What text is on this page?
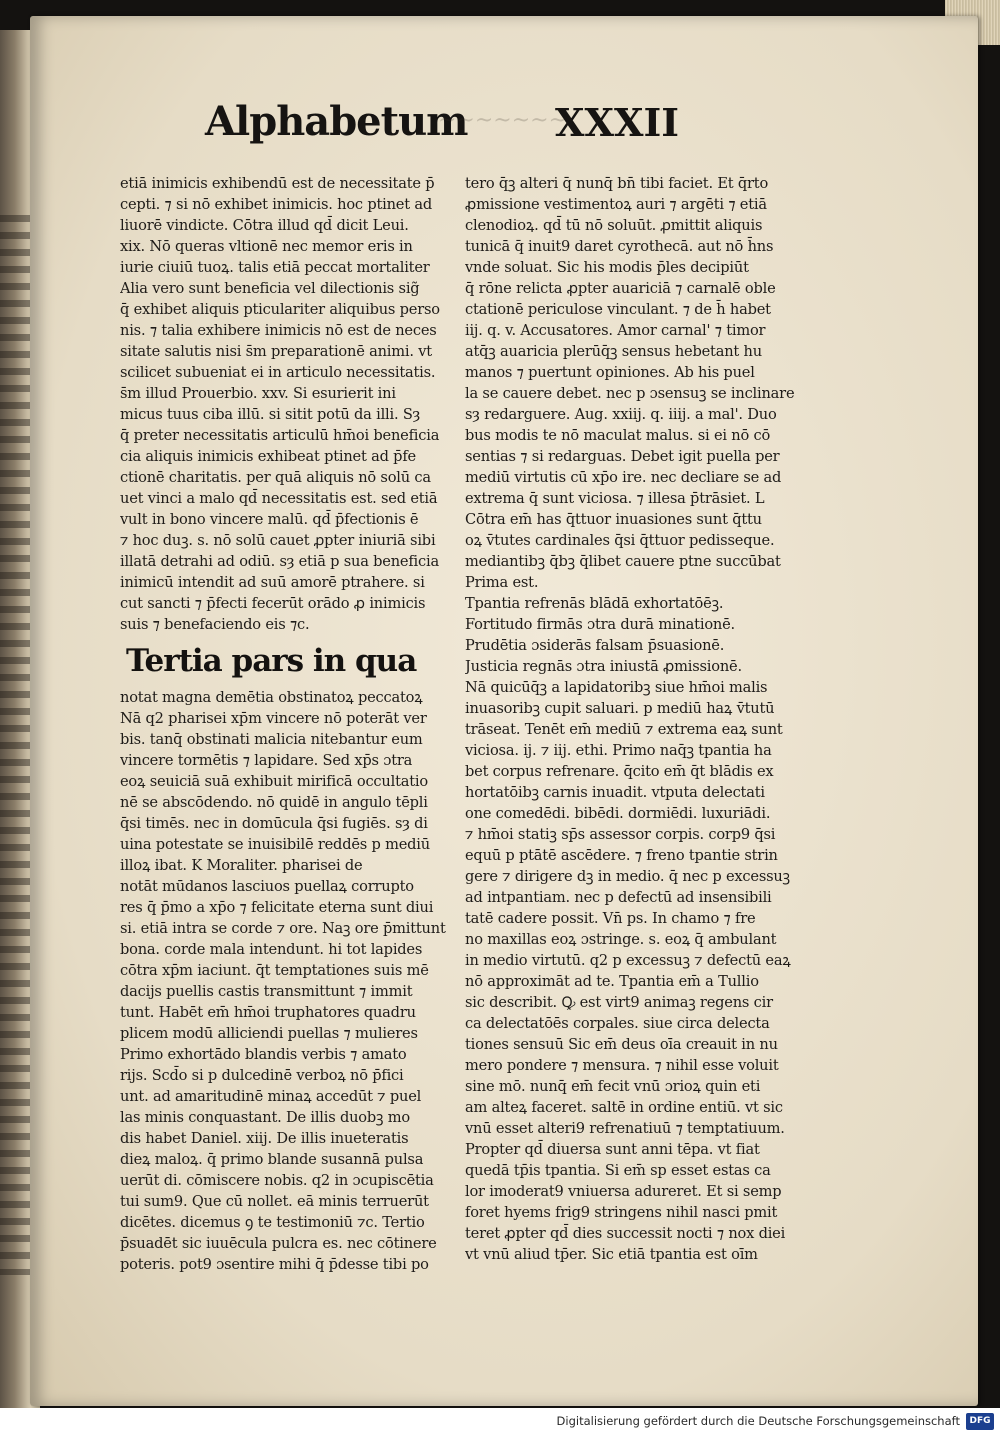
Alphabetum
~~~~~~~
XXXII
etiā inimicis exhibendū est de necessitate p̄
cepti. ⁊ si nō exhibet inimicis. hoc ptinet ad
liuorē vindicte. Cōtra illud qd̄ dicit Leui.
xix. Nō queras vltionē nec memor eris in
iurie ciuiū tuoꝝ. talis etiā peccat mortaliter
Alia vero sunt beneficia vel dilectionis sig̃
q̄ exhibet aliquis pticulariter aliquibus perso
nis. ⁊ talia exhibere inimicis nō est de neces
sitate salutis nisi s̄m preparationē animi. vt
scilicet subueniat ei in articulo necessitatis.
s̄m illud Prouerbio. xxv. Si esurierit ini
micus tuus ciba illū. si sitit potū da illi. Sȝ
q̄ preter necessitatis articulū hm̄oi beneficia
cia aliquis inimicis exhibeat ptinet ad p̄fe
ctionē charitatis. per quā aliquis nō solū ca
uet vinci a malo qd̄ necessitatis est. sed etiā
vult in bono vincere malū. qd̄ p̄fectionis ē
⁊ hoc duꝫ. s. nō solū cauet ꝓpter iniuriā sibi
illatā detrahi ad odiū. sȝ etiā p sua beneficia
inimicū intendit ad suū amorē ptrahere. si
cut sancti ⁊ p̄fecti fecerūt orādo ꝓ inimicis
suis ⁊ benefaciendo eis ⁊c.
Tertia pars in qua
notat magna demētia obstinatoꝝ peccatoꝝ
Nā q2 pharisei xp̄m vincere nō poterāt ver
bis. tanq̄ obstinati malicia nitebantur eum
vincere tormētis ⁊ lapidare. Sed xp̄s ɔtra
eoꝝ seuiciā suā exhibuit mirificā occultatio
nē se abscōdendo. nō quidē in angulo tēpli
q̄si timēs. nec in domūcula q̄si fugiēs. sȝ di
uina potestate se inuisibilē reddēs p mediū
illoꝝ ibat. K Moraliter. pharisei de
notāt mūdanos lasciuos puellaꝝ corrupto
res q̄ p̄mo a xp̄o ⁊ felicitate eterna sunt diui
si. etiā intra se corde ⁊ ore. Naꝫ ore p̄mittunt
bona. corde mala intendunt. hi tot lapides
cōtra xp̄m iaciunt. q̄t temptationes suis mē
dacijs puellis castis transmittunt ⁊ immit
tunt. Habēt em̄ hm̄oi truphatores quadru
plicem modū alliciendi puellas ⁊ mulieres
Primo exhortādo blandis verbis ⁊ amato
rijs. Scd̄o si p dulcedinē verboꝝ nō p̄fici
unt. ad amaritudinē minaꝝ accedūt ⁊ puel
las minis conquastant. De illis duobꝫ mo
dis habet Daniel. xiij. De illis inueteratis
dieꝝ maloꝝ. q̄ primo blande susannā pulsa
uerūt di. cōmiscere nobis. q2 in ɔcupiscētia
tui sum9. Que cū nollet. eā minis terruerūt
dicētes. dicemus ꝯ te testimoniū ⁊c. Tertio
p̄suadēt sic iuuēcula pulcra es. nec cōtinere
poteris. pot9 ɔsentire mihi q̄ p̄desse tibi po
tero q̄ꝫ alteri q̄ nunq̄ bn̄ tibi faciet. Et q̄rto
ꝓmissione vestimentoꝝ auri ⁊ argēti ⁊ etiā
clenodioꝝ. qd̄ tū nō soluūt. ꝓmittit aliquis
tunicā q̄ inuit9 daret cyrothecā. aut nō h̄ns
vnde soluat. Sic his modis p̄les decipiūt
q̄ rōne relicta ꝓpter auariciā ⁊ carnalē oble
ctationē periculose vinculant. ⁊ de h̄ habet
iij. q. v. Accusatores. Amor carnal' ⁊ timor
atq̄ꝫ auaricia plerūq̄ꝫ sensus hebetant hu
manos ⁊ puertunt opiniones. Ab his puel
la se cauere debet. nec p ɔsensuꝫ se inclinare
sȝ redarguere. Aug. xxiij. q. iiij. a mal'. Duo
bus modis te nō maculat malus. si ei nō cō
sentias ⁊ si redarguas. Debet igit puella per
mediū virtutis cū xp̄o ire. nec decliare se ad
extrema q̄ sunt viciosa. ⁊ illesa p̄trāsiet. L
Cōtra em̄ has q̄ttuor inuasiones sunt q̄ttu
oꝝ v̄tutes cardinales q̄si q̄ttuor pedisseque.
mediantibꝫ q̄bꝫ q̄libet cauere ptne succūbat
Prima est.
Tpantia refrenās blādā exhortatōēꝫ.
Fortitudo firmās ɔtra durā minationē.
Prudētia ɔsiderās falsam p̄suasionē.
Justicia regnās ɔtra iniustā ꝓmissionē.
Nā quicūq̄ꝫ a lapidatoribꝫ siue hm̄oi malis
inuasoribꝫ cupit saluari. p mediū haꝝ v̄tutū
trāseat. Tenēt em̄ mediū ⁊ extrema eaꝝ sunt
viciosa. ij. ⁊ iij. ethi. Primo naq̄ꝫ tpantia ha
bet corpus refrenare. q̄cito em̄ q̄t blādis ex
hortatōibꝫ carnis inuadit. vtputa delectati
one comedēdi. bibēdi. dormiēdi. luxuriādi.
⁊ hm̄oi statiꝫ sp̄s assessor corpis. corp9 q̄si
equū p ptātē ascēdere. ⁊ freno tpantie strin
gere ⁊ dirigere dꝫ in medio. q̄ nec p excessuꝫ
ad intpantiam. nec p defectū ad insensibili
tatē cadere possit. Vn̄ ps. In chamo ⁊ fre
no maxillas eoꝝ ɔstringe. s. eoꝝ q̄ ambulant
in medio virtutū. q2 p excessuꝫ ⁊ defectū eaꝝ
nō approximāt ad te. Tpantia em̄ a Tullio
sic describit. Ꝙ est virt9 animaꝫ regens cir
ca delectatōēs corpales. siue circa delecta
tiones sensuū Sic em̄ deus oīa creauit in nu
mero pondere ⁊ mensura. ⁊ nihil esse voluit
sine mō. nunq̄ em̄ fecit vnū ɔrioꝝ quin eti
am alteꝝ faceret. saltē in ordine entiū. vt sic
vnū esset alteri9 refrenatiuū ⁊ temptatiuum.
Propter qd̄ diuersa sunt anni tēpa. vt fiat
quedā tp̄is tpantia. Si em̄ sp esset estas ca
lor imoderat9 vniuersa adureret. Et si semp
foret hyems frig9 stringens nihil nasci pmit
teret ꝓpter qd̄ dies successit nocti ⁊ nox diei
vt vnū aliud tp̄er. Sic etiā tpantia est oīm
Digitalisierung gefördert durch die Deutsche Forschungsgemeinschaft	DFG
